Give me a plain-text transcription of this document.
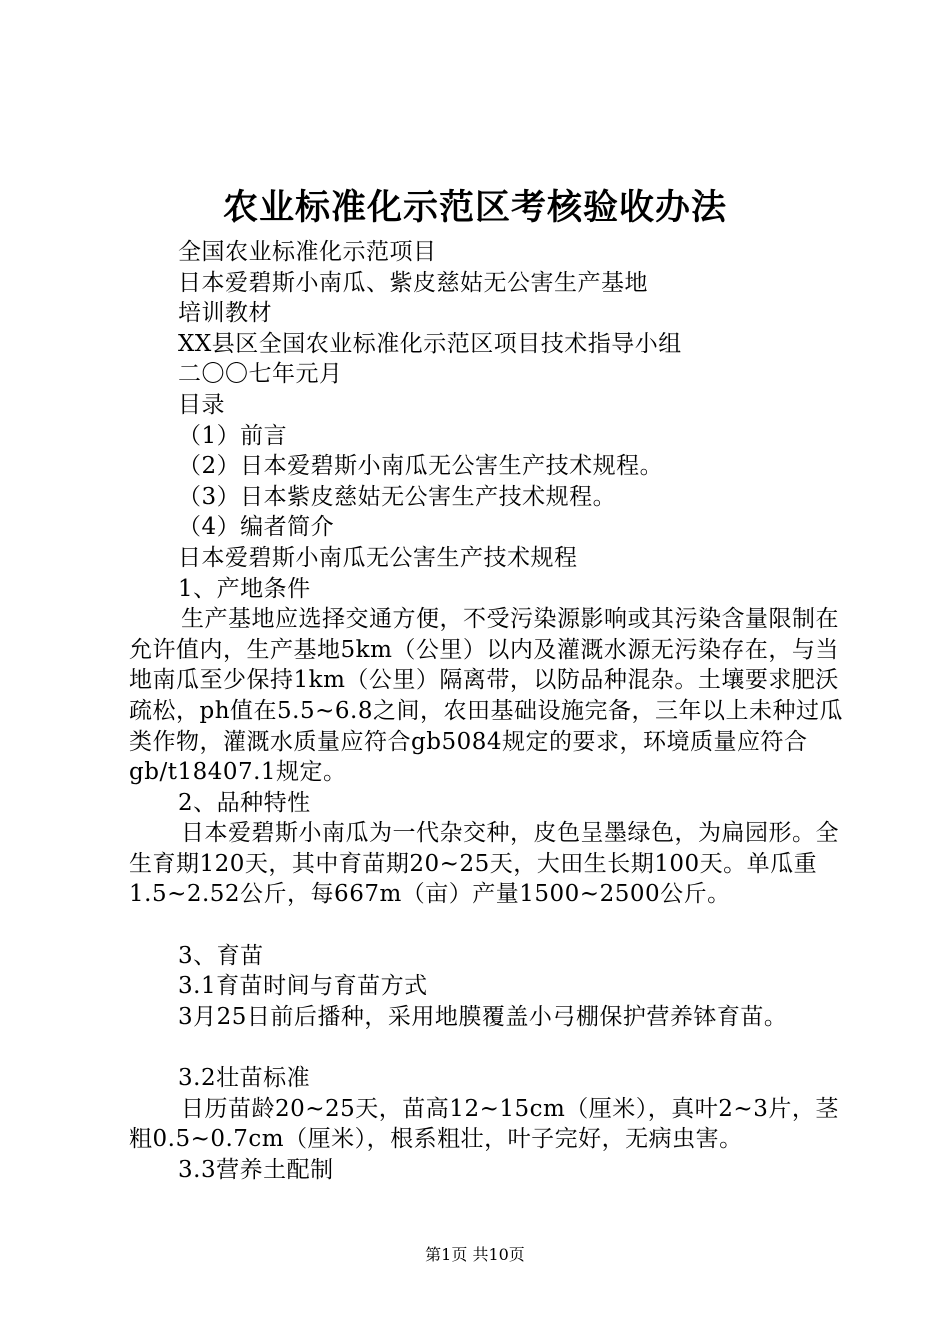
农业标准化示范区考核验收办法
全国农业标准化示范项目
日本爱碧斯小南瓜、紫皮慈姑无公害生产基地
培训教材
XX县区全国农业标准化示范区项目技术指导小组
二〇〇七年元月
目录
（1）前言
（2）日本爱碧斯小南瓜无公害生产技术规程。
（3）日本紫皮慈姑无公害生产技术规程。
（4）编者简介
日本爱碧斯小南瓜无公害生产技术规程
1、产地条件

生产基地应选择交通方便，不受污染源影响或其污染含量限制在允许值内，生产基地5km（公里）以内及灌溉水源无污染存在，与当地南瓜至少保持1km（公里）隔离带，以防品种混杂。土壤要求肥沃疏松，ph值在5.5~6.8之间，农田基础设施完备，三年以上未种过瓜类作物，灌溉水质量应符合gb5084规定的要求，环境质量应符合gb/t18407.1规定。

2、品种特性

日本爱碧斯小南瓜为一代杂交种，皮色呈墨绿色，为扁园形。全生育期120天，其中育苗期20~25天，大田生长期100天。单瓜重1.5~2.52公斤，每667m（亩）产量1500~2500公斤。

3、育苗
3.1育苗时间与育苗方式
3月25日前后播种，采用地膜覆盖小弓棚保护营养钵育苗。
3.2壮苗标准

日历苗龄20~25天，苗高12~15cm（厘米），真叶2~3片，茎粗0.5~0.7cm（厘米），根系粗壮，叶子完好，无病虫害。

3.3营养土配制
第1页 共10页
